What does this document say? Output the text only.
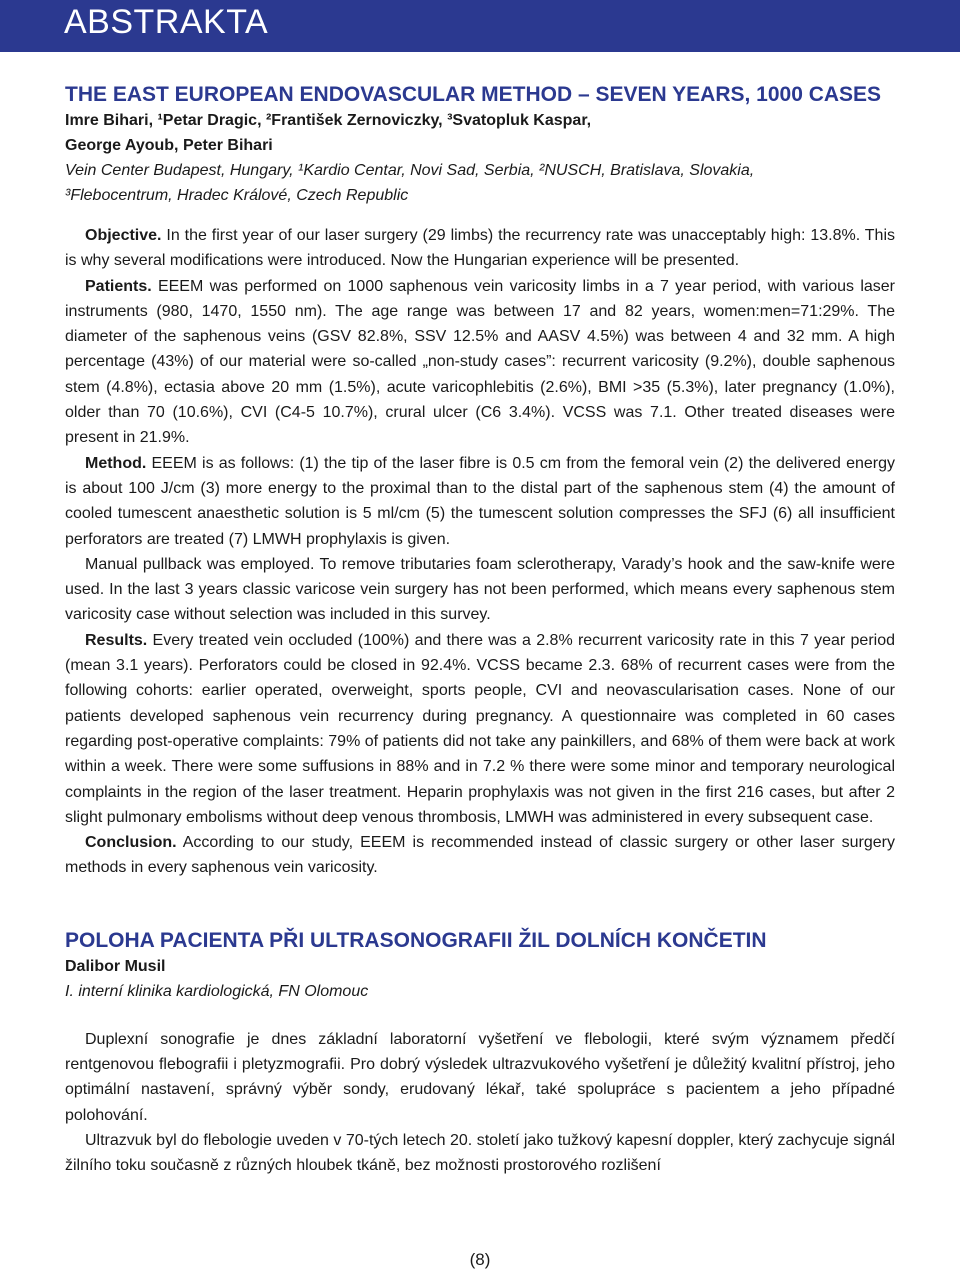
ABSTRAKTA
THE EAST EUROPEAN ENDOVASCULAR METHOD – SEVEN YEARS, 1000 CASES
Imre Bihari, ¹Petar Dragic, ²František Zernoviczky, ³Svatopluk Kaspar,
George Ayoub, Peter Bihari
Vein Center Budapest, Hungary, ¹Kardio Centar, Novi Sad, Serbia, ²NUSCH, Bratislava, Slovakia,
³Flebocentrum, Hradec Králové, Czech Republic

Objective. In the first year of our laser surgery (29 limbs) the recurrency rate was unacceptably high: 13.8%. This is why several modifications were introduced. Now the Hungarian experience will be presented.

Patients. EEEM was performed on 1000 saphenous vein varicosity limbs in a 7 year period, with various laser instruments (980, 1470, 1550 nm). The age range was between 17 and 82 years, women:men=71:29%. The diameter of the saphenous veins (GSV 82.8%, SSV 12.5% and AASV 4.5%) was between 4 and 32 mm. A high percentage (43%) of our material were so-called „non-study cases”: recurrent varicosity (9.2%), double saphenous stem (4.8%), ectasia above 20 mm (1.5%), acute varicophlebitis (2.6%), BMI >35 (5.3%), later pregnancy (1.0%), older than 70 (10.6%), CVI (C4-5 10.7%), crural ulcer (C6 3.4%). VCSS was 7.1. Other treated diseases were present in 21.9%.

Method. EEEM is as follows: (1) the tip of the laser fibre is 0.5 cm from the femoral vein (2) the delivered energy is about 100 J/cm (3) more energy to the proximal than to the distal part of the saphenous stem (4) the amount of cooled tumescent anaesthetic solution is 5 ml/cm (5) the tumescent solution compresses the SFJ (6) all insufficient perforators are treated (7) LMWH prophylaxis is given.

Manual pullback was employed. To remove tributaries foam sclerotherapy, Varady’s hook and the saw-knife were used. In the last 3 years classic varicose vein surgery has not been performed, which means every saphenous stem varicosity case without selection was included in this survey.

Results. Every treated vein occluded (100%) and there was a 2.8% recurrent varicosity rate in this 7 year period (mean 3.1 years). Perforators could be closed in 92.4%. VCSS became 2.3. 68% of recurrent cases were from the following cohorts: earlier operated, overweight, sports people, CVI and neovascularisation cases. None of our patients developed saphenous vein recurrency during pregnancy. A questionnaire was completed in 60 cases regarding post-operative complaints: 79% of patients did not take any painkillers, and 68% of them were back at work within a week. There were some suffusions in 88% and in 7.2 % there were some minor and temporary neurological complaints in the region of the laser treatment. Heparin prophylaxis was not given in the first 216 cases, but after 2 slight pulmonary embolisms without deep venous thrombosis, LMWH was administered in every subsequent case.

Conclusion. According to our study, EEEM is recommended instead of classic surgery or other laser surgery methods in every saphenous vein varicosity.

POLOHA PACIENTA PŘI ULTRASONOGRAFII ŽIL DOLNÍCH KONČETIN
Dalibor Musil
I. interní klinika kardiologická, FN Olomouc

Duplexní sonografie je dnes základní laboratorní vyšetření ve flebologii, které svým významem předčí rentgenovou flebografii i pletyzmografii. Pro dobrý výsledek ultrazvukového vyšetření je důležitý kvalitní přístroj, jeho optimální nastavení, správný výběr sondy, erudovaný lékař, také spolupráce s pacientem a jeho případné polohování.

Ultrazvuk byl do flebologie uveden v 70-tých letech 20. století jako tužkový kapesní doppler, který zachycuje signál žilního toku současně z různých hloubek tkáně, bez možnosti prostorového rozlišení

(8)
